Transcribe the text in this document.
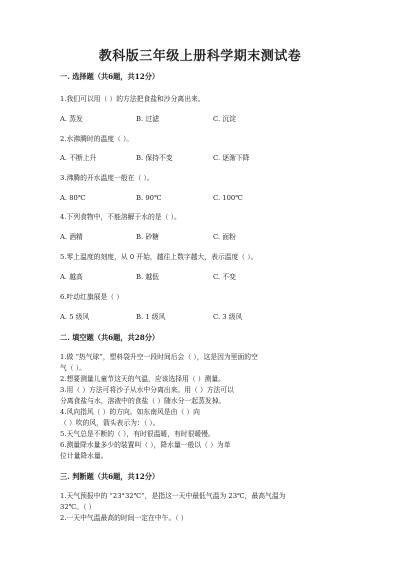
教科版三年级上册科学期末测试卷
一. 选择题（共6题，共12分）
1.我们可以用（ ）的方法把食盐和沙分离出来。
A. 蒸发	B. 过滤	C. 沉淀
2.水沸腾时的温度（ ）。
A. 不断上升	B. 保持不变	C. 逐渐下降
3.沸腾的开水温度一般在（ ）。
A. 80℃	B. 90℃	C. 100℃
4.下列食物中，不能溶解于水的是（ ）。
A. 酒精	B. 砂糖	C. 面粉
5.零上温度的刻度，从 0 开始，越往上数字越大，表示温度（ ）。
A. 越高	B. 越低	C. 不变
6.叶动红旗展是（ ）
A. 5 级风	B. 1 级风	C. 3 级风
二. 填空题（共6题，共28分）
1.做 “热气球”，塑料袋升空一段时间后会（ ），这是因为里面的空
气（ ）。
2.想要测量儿童节这天的气温，应该选择用（ ）测量。
3.用（ ）方法可将沙子从水中分离出来。用（ ）方法可以
分离食盐与水，溶液中的食盐（ ）随水分一起蒸发掉。
4.风向指风（ ）的方向。如东南风是由（ ）向
（ ）吹的风，箭头表示为：（ ）。
5.天气总是不断的（ ），有时很温暖，有时很暖慢。
6.测量降水量多少的装置叫（ ），降水量一般以（ ）为单
位计量降水量。
三. 判断题（共6题，共12分）
1.天气预报中的 “23°32℃”，是指这一天中最低气温为 23℃，最高气温为
32℃。（ ）
2.一天中气温最高的时间一定在中午。（ ）
